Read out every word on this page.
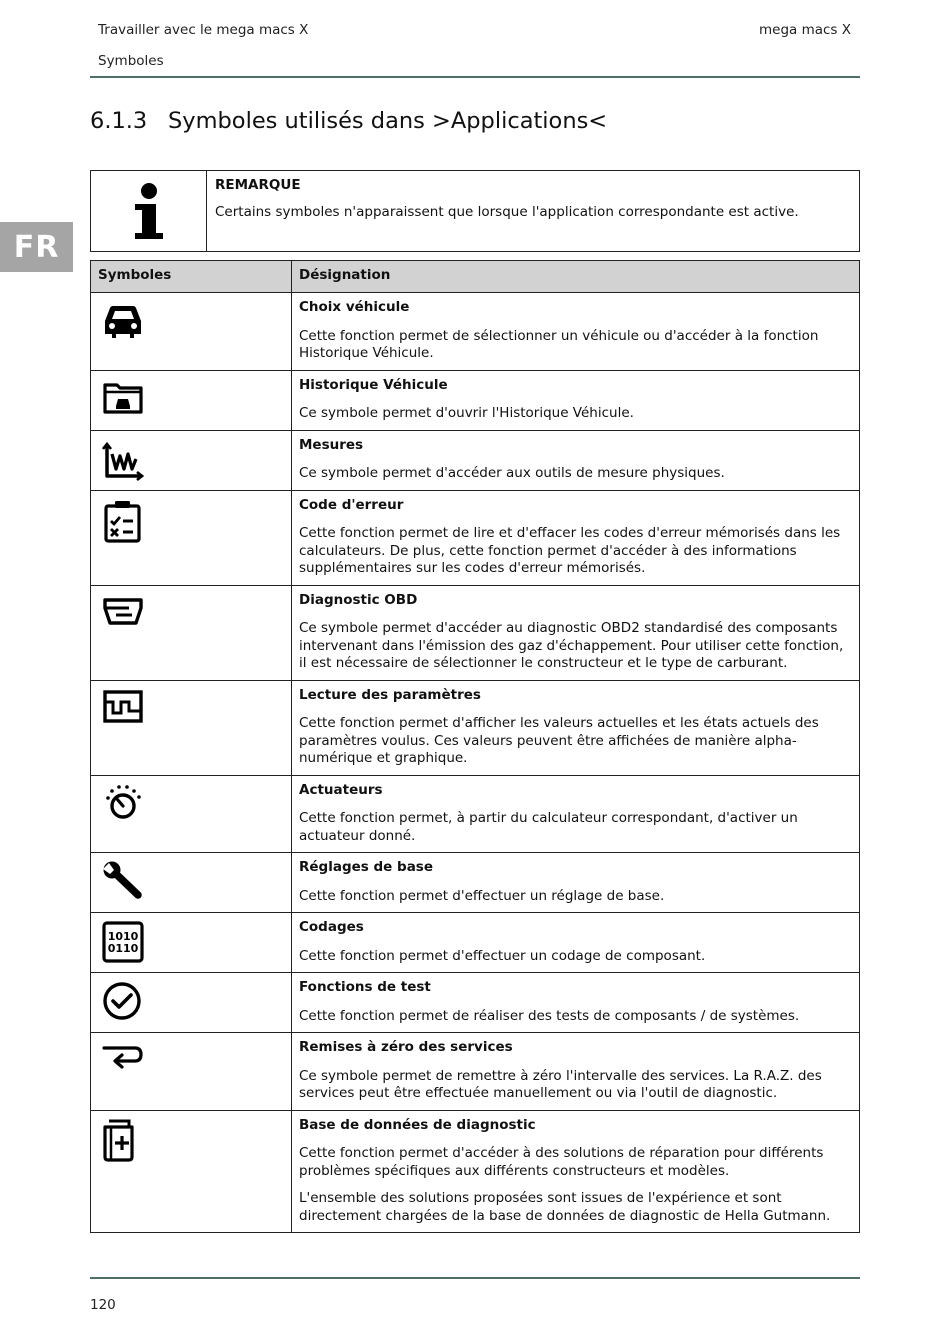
Travailler avec le mega macs X	mega macs X
Symboles
FR
6.1.3 Symboles utilisés dans >Applications<

REMARQUE

Certains symboles n'apparaissent que lorsque l'application correspondante est active.

Symboles	Désignation

Choix véhicule
Cette fonction permet de sélectionner un véhicule ou d'accéder à la fonction Historique Véhicule.

Historique Véhicule
Ce symbole permet d'ouvrir l'Historique Véhicule.

Mesures
Ce symbole permet d'accéder aux outils de mesure physiques.

Code d'erreur
Cette fonction permet de lire et d'effacer les codes d'erreur mémorisés dans les calculateurs. De plus, cette fonction permet d'accéder à des informations supplémentaires sur les codes d'erreur mémorisés.

Diagnostic OBD
Ce symbole permet d'accéder au diagnostic OBD2 standardisé des composants intervenant dans l'émission des gaz d'échappement. Pour utiliser cette fonction, il est nécessaire de sélectionner le constructeur et le type de carburant.

Lecture des paramètres
Cette fonction permet d'afficher les valeurs actuelles et les états actuels des paramètres voulus. Ces valeurs peuvent être affichées de manière alpha-numérique et graphique.

Actuateurs
Cette fonction permet, à partir du calculateur correspondant, d'activer un actuateur donné.

Réglages de base
Cette fonction permet d'effectuer un réglage de base.

1010
0110	Codages
Cette fonction permet d'effectuer un codage de composant.

Fonctions de test
Cette fonction permet de réaliser des tests de composants / de systèmes.

Remises à zéro des services
Ce symbole permet de remettre à zéro l'intervalle des services. La R.A.Z. des services peut être effectuée manuellement ou via l'outil de diagnostic.

Base de données de diagnostic
Cette fonction permet d'accéder à des solutions de réparation pour différents problèmes spécifiques aux différents constructeurs et modèles.
L'ensemble des solutions proposées sont issues de l'expérience et sont directement chargées de la base de données de diagnostic de Hella Gutmann.
120
